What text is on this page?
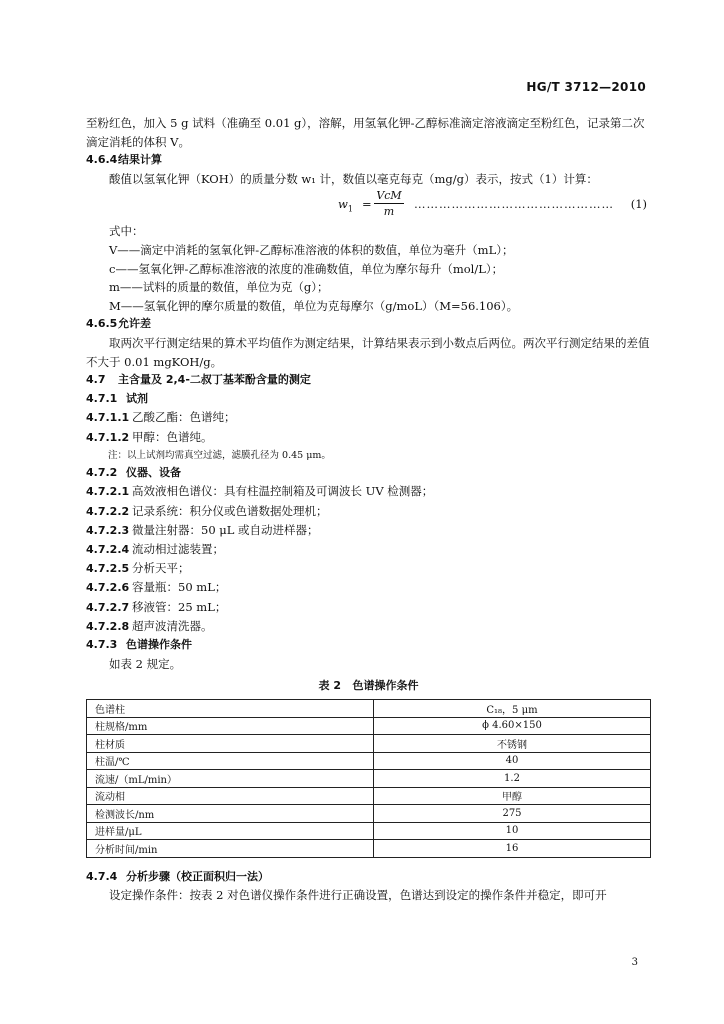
HG/T 3712—2010

至粉红色，加入 5 g 试料（准确至 0.01 g），溶解，用氢氧化钾-乙醇标准滴定溶液滴定至粉红色，记录第二次滴定消耗的体积 V。

4.6.4结果计算

酸值以氢氧化钾（KOH）的质量分数 w₁ 计，数值以毫克每克（mg/g）表示，按式（1）计算：

$w_1$ =
VcM
m
………………………………………… (1)

式中：

V——滴定中消耗的氢氧化钾-乙醇标准溶液的体积的数值，单位为毫升（mL）；

c——氢氧化钾-乙醇标准溶液的浓度的准确数值，单位为摩尔每升（mol/L）；

m——试料的质量的数值，单位为克（g）；

M——氢氧化钾的摩尔质量的数值，单位为克每摩尔（g/moL）（M=56.106）。

4.6.5允许差

取两次平行测定结果的算术平均值作为测定结果，计算结果表示到小数点后两位。两次平行测定结果的差值不大于 0.01 mgKOH/g。

4.7 主含量及 2,4-二叔丁基苯酚含量的测定

4.7.1 试剂

4.7.1.1 乙酸乙酯：色谱纯；

4.7.1.2 甲醇：色谱纯。

注：以上试剂均需真空过滤，滤膜孔径为 0.45 μm。

4.7.2 仪器、设备

4.7.2.1 高效液相色谱仪：具有柱温控制箱及可调波长 UV 检测器；

4.7.2.2 记录系统：积分仪或色谱数据处理机；

4.7.2.3 微量注射器：50 μL 或自动进样器；

4.7.2.4 流动相过滤装置；

4.7.2.5 分析天平；

4.7.2.6 容量瓶：50 mL；

4.7.2.7 移液管：25 mL；

4.7.2.8 超声波清洗器。

4.7.3 色谱操作条件

如表 2 规定。

表 2 色谱操作条件
色谱柱	C₁₈，5 μm
柱规格/mm	ϕ 4.60×150
柱材质	不锈钢
柱温/℃	40
流速/（mL/min）	1.2
流动相	甲醇
检测波长/nm	275
进样量/μL	10
分析时间/min	16

4.7.4 分析步骤（校正面积归一法）

设定操作条件：按表 2 对色谱仪操作条件进行正确设置，色谱达到设定的操作条件并稳定，即可开

3
